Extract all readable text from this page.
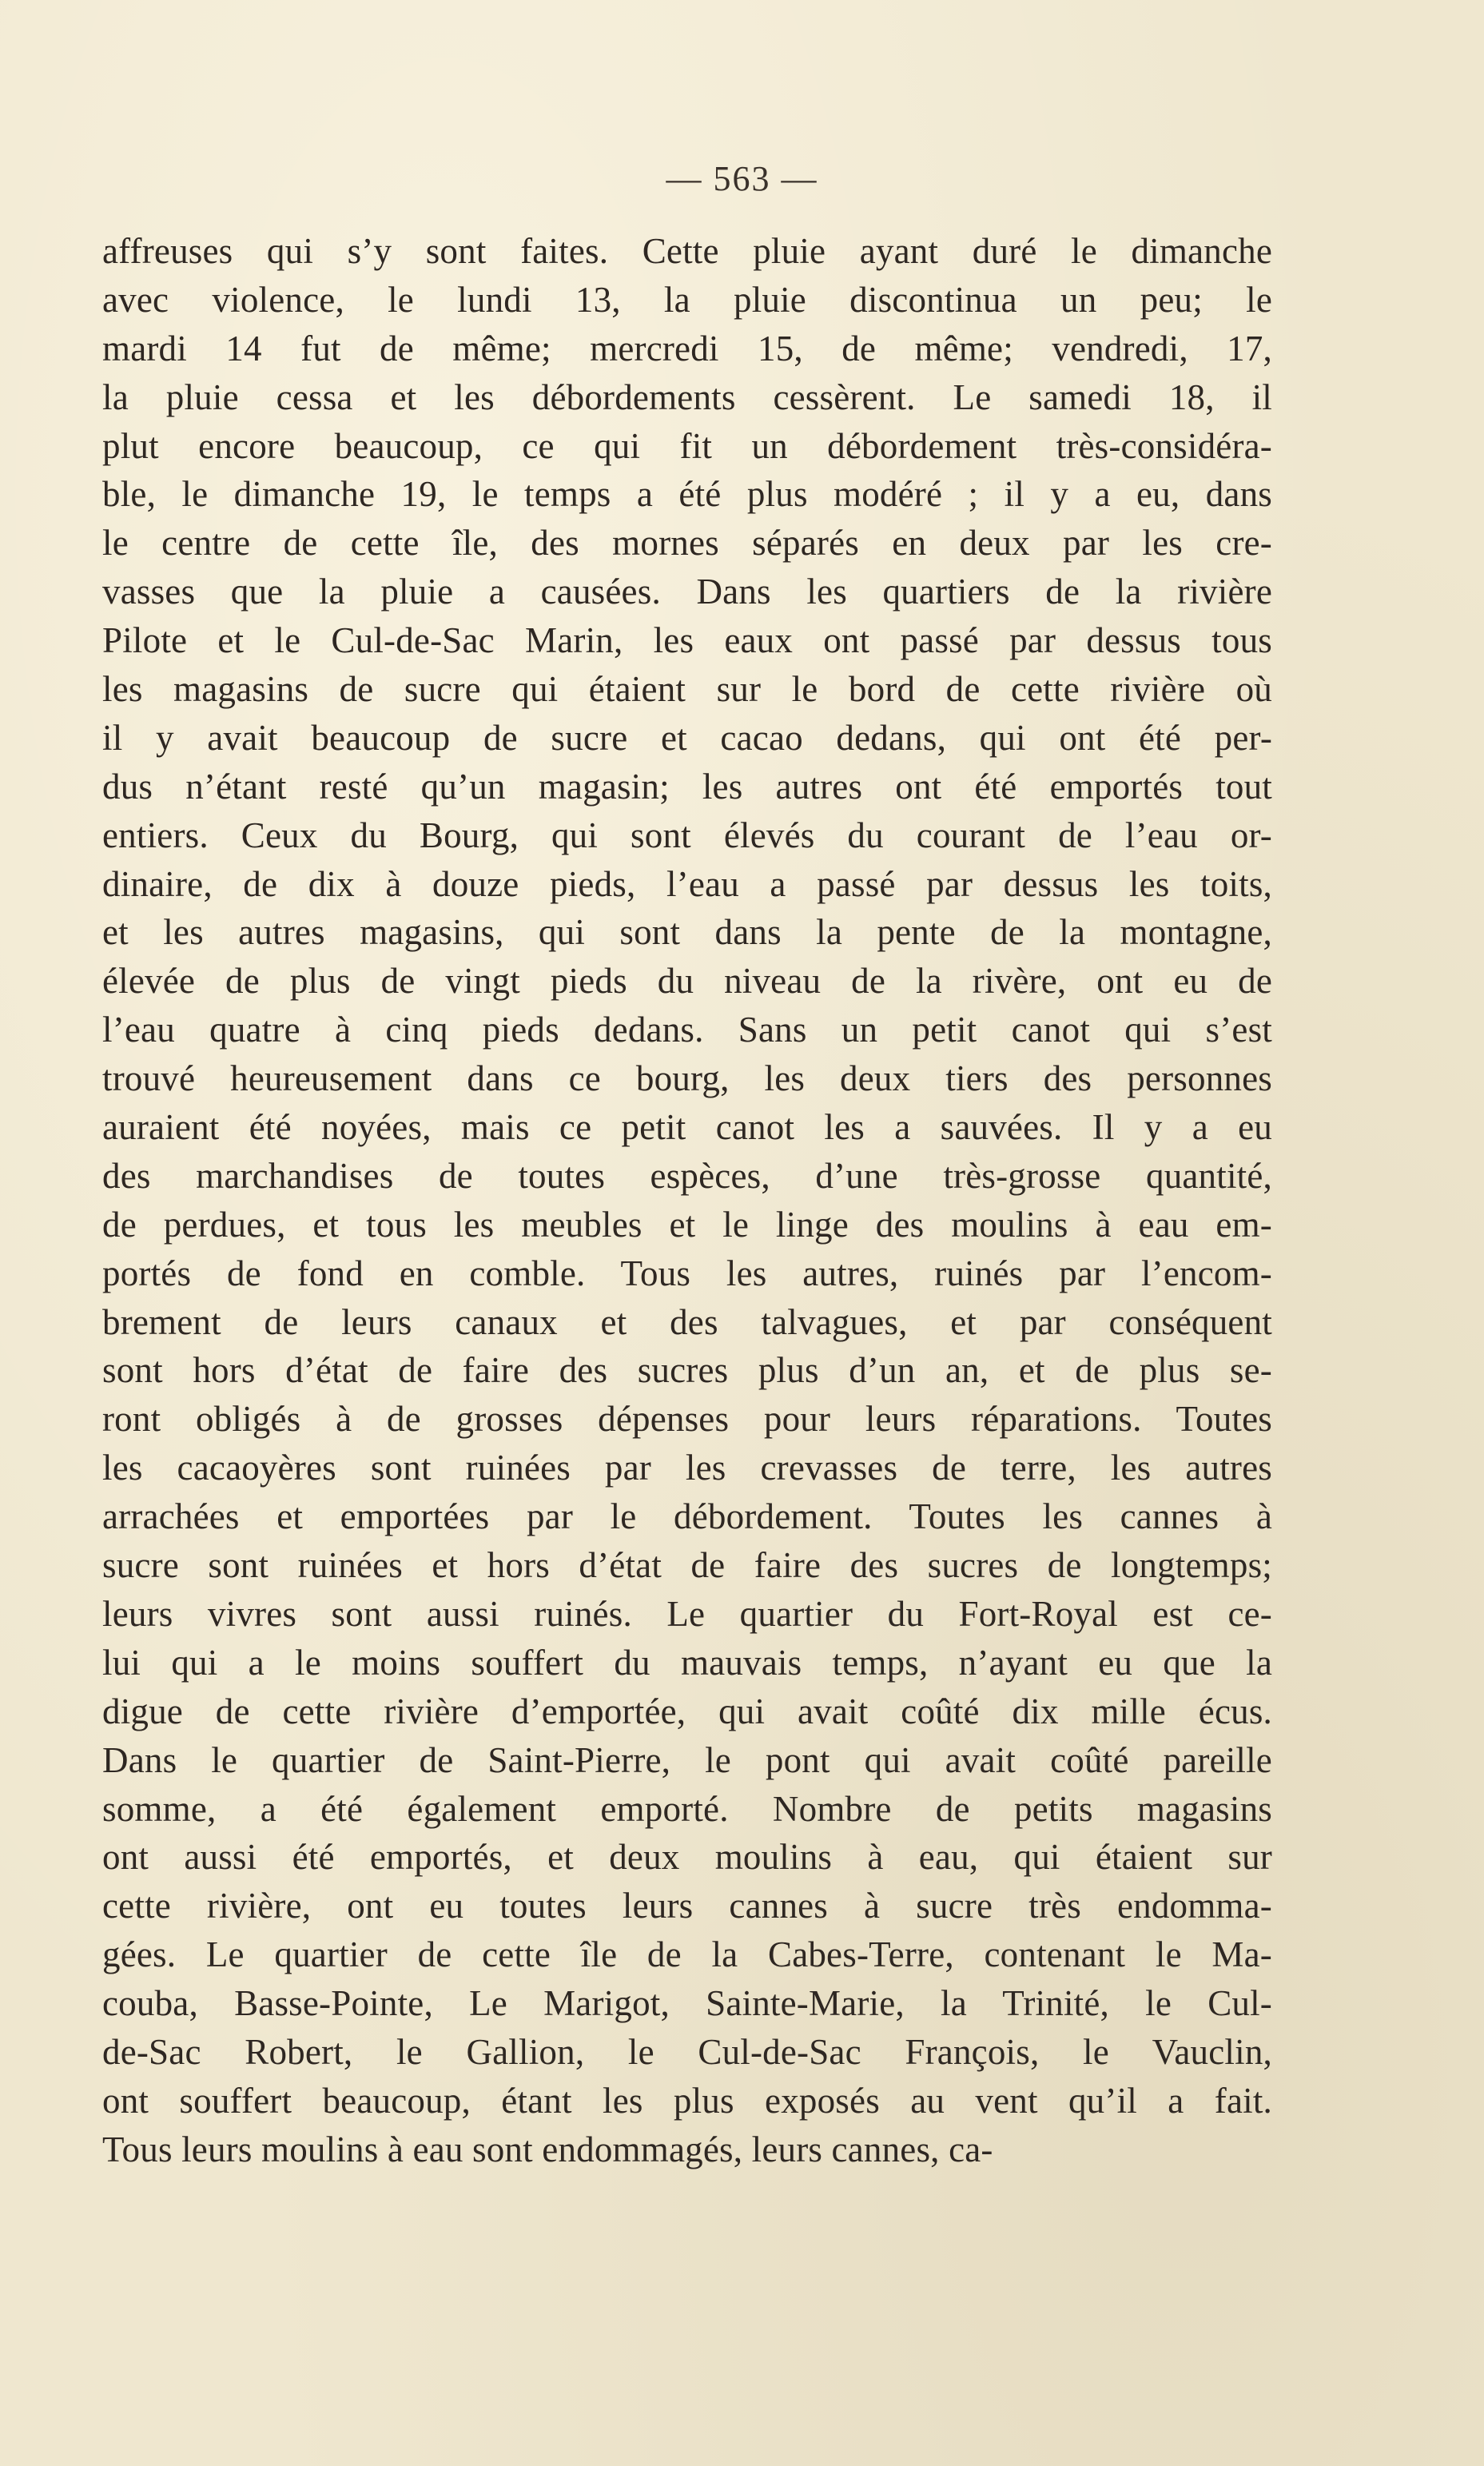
— 563 —
affreuses qui s’y sont faites. Cette pluie ayant duré le dimanche
avec violence, le lundi 13, la pluie discontinua un peu; le
mardi 14 fut de même; mercredi 15, de même; vendredi, 17,
la pluie cessa et les débordements cessèrent. Le samedi 18, il
plut encore beaucoup, ce qui fit un débordement très-considéra-
ble, le dimanche 19, le temps a été plus modéré ; il y a eu, dans
le centre de cette île, des mornes séparés en deux par les cre-
vasses que la pluie a causées. Dans les quartiers de la rivière
Pilote et le Cul-de-Sac Marin, les eaux ont passé par dessus tous
les magasins de sucre qui étaient sur le bord de cette rivière où
il y avait beaucoup de sucre et cacao dedans, qui ont été per-
dus n’étant resté qu’un magasin; les autres ont été emportés tout
entiers. Ceux du Bourg, qui sont élevés du courant de l’eau or-
dinaire, de dix à douze pieds, l’eau a passé par dessus les toits,
et les autres magasins, qui sont dans la pente de la montagne,
élevée de plus de vingt pieds du niveau de la rivère, ont eu de
l’eau quatre à cinq pieds dedans. Sans un petit canot qui s’est
trouvé heureusement dans ce bourg, les deux tiers des personnes
auraient été noyées, mais ce petit canot les a sauvées. Il y a eu
des marchandises de toutes espèces, d’une très-grosse quantité,
de perdues, et tous les meubles et le linge des moulins à eau em-
portés de fond en comble. Tous les autres, ruinés par l’encom-
brement de leurs canaux et des talvagues, et par conséquent
sont hors d’état de faire des sucres plus d’un an, et de plus se-
ront obligés à de grosses dépenses pour leurs réparations. Toutes
les cacaoyères sont ruinées par les crevasses de terre, les autres
arrachées et emportées par le débordement. Toutes les cannes à
sucre sont ruinées et hors d’état de faire des sucres de longtemps;
leurs vivres sont aussi ruinés. Le quartier du Fort-Royal est ce-
lui qui a le moins souffert du mauvais temps, n’ayant eu que la
digue de cette rivière d’emportée, qui avait coûté dix mille écus.
Dans le quartier de Saint-Pierre, le pont qui avait coûté pareille
somme, a été également emporté. Nombre de petits magasins
ont aussi été emportés, et deux moulins à eau, qui étaient sur
cette rivière, ont eu toutes leurs cannes à sucre très endomma-
gées. Le quartier de cette île de la Cabes-Terre, contenant le Ma-
couba, Basse-Pointe, Le Marigot, Sainte-Marie, la Trinité, le Cul-
de-Sac Robert, le Gallion, le Cul-de-Sac François, le Vauclin,
ont souffert beaucoup, étant les plus exposés au vent qu’il a fait.
Tous leurs moulins à eau sont endommagés, leurs cannes, ca-
